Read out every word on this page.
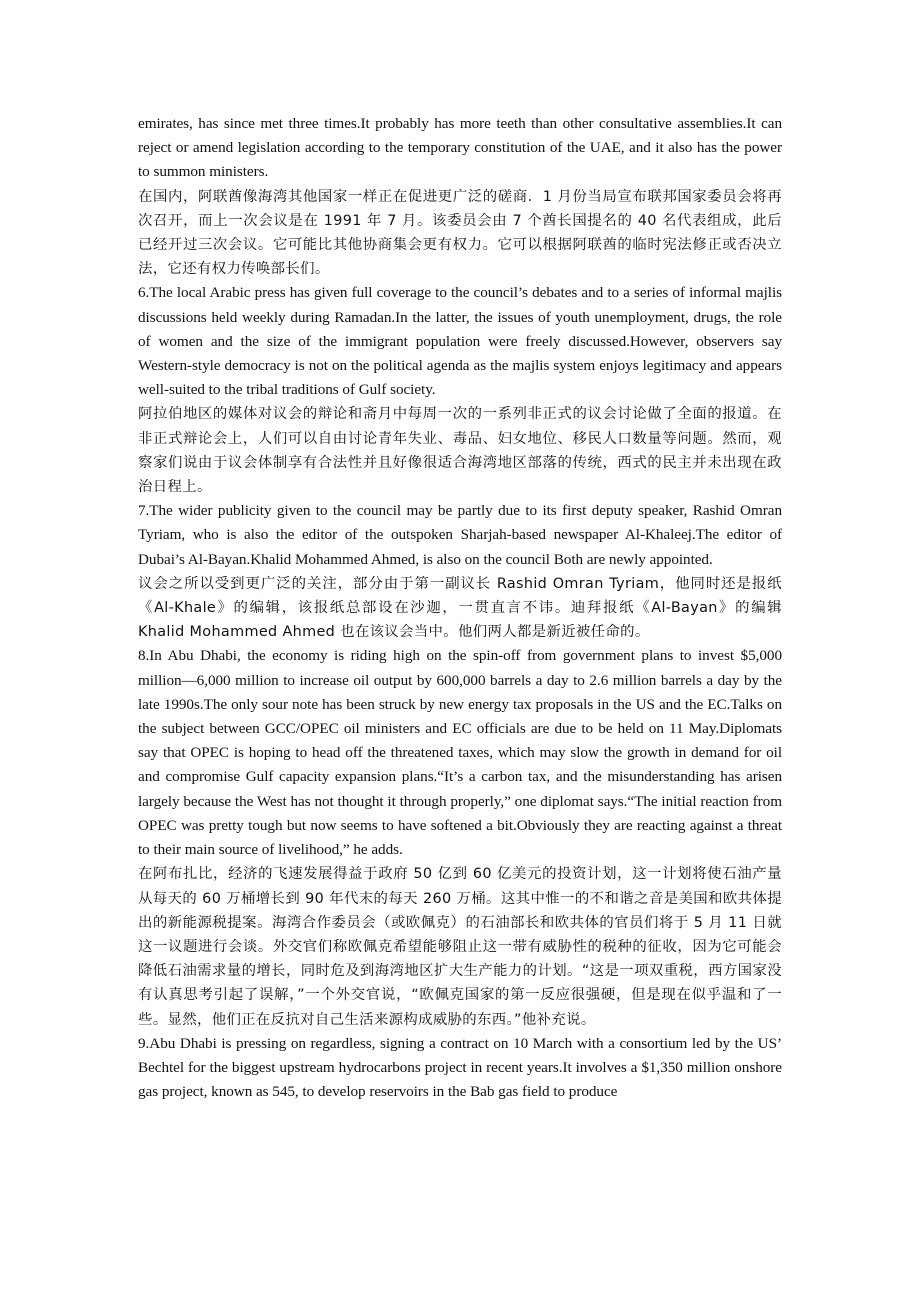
emirates, has since met three times.It probably has more teeth than other consultative assemblies.It can reject or amend legislation according to the temporary constitution of the UAE, and it also has the power to summon ministers.

在国内，阿联酋像海湾其他国家一样正在促进更广泛的磋商．1 月份当局宣布联邦国家委员会将再次召开，而上一次会议是在 1991 年 7 月。该委员会由 7 个酋长国提名的 40 名代表组成，此后已经开过三次会议。它可能比其他协商集会更有权力。它可以根据阿联酋的临时宪法修正或否决立法，它还有权力传唤部长们。

6.The local Arabic press has given full coverage to the council’s debates and to a series of informal majlis discussions held weekly during Ramadan.In the latter, the issues of youth unemployment, drugs, the role of women and the size of the immigrant population were freely discussed.However, observers say Western-style democracy is not on the political agenda as the majlis system enjoys legitimacy and appears well-suited to the tribal traditions of Gulf society.

阿拉伯地区的媒体对议会的辩论和斋月中每周一次的一系列非正式的议会讨论做了全面的报道。在非正式辩论会上，人们可以自由讨论青年失业、毒品、妇女地位、移民人口数量等问题。然而，观察家们说由于议会体制享有合法性并且好像很适合海湾地区部落的传统，西式的民主并未出现在政治日程上。

7.The wider publicity given to the council may be partly due to its first deputy speaker, Rashid Omran Tyriam, who is also the editor of the outspoken Sharjah-based newspaper Al-Khaleej.The editor of Dubai’s Al-Bayan.Khalid Mohammed Ahmed, is also on the council Both are newly appointed.

议会之所以受到更广泛的关注，部分由于第一副议长 Rashid Omran Tyriam，他同时还是报纸《Al-Khale》的编辑，该报纸总部设在沙迦，一贯直言不讳。迪拜报纸《Al-Bayan》的编辑 Khalid Mohammed Ahmed 也在该议会当中。他们两人都是新近被任命的。

8.In Abu Dhabi, the economy is riding high on the spin-off from government plans to invest $5,000 million—6,000 million to increase oil output by 600,000 barrels a day to 2.6 million barrels a day by the late 1990s.The only sour note has been struck by new energy tax proposals in the US and the EC.Talks on the subject between GCC/OPEC oil ministers and EC officials are due to be held on 11 May.Diplomats say that OPEC is hoping to head off the threatened taxes, which may slow the growth in demand for oil and compromise Gulf capacity expansion plans.“It’s a carbon tax, and the misunderstanding has arisen largely because the West has not thought it through properly,” one diplomat says.“The initial reaction from OPEC was pretty tough but now seems to have softened a bit.Obviously they are reacting against a threat to their main source of livelihood,” he adds.

在阿布扎比，经济的飞速发展得益于政府 50 亿到 60 亿美元的投资计划，这一计划将使石油产量从每天的 60 万桶增长到 90 年代末的每天 260 万桶。这其中惟一的不和谐之音是美国和欧共体提出的新能源税提案。海湾合作委员会（或欧佩克）的石油部长和欧共体的官员们将于 5 月 11 日就这一议题进行会谈。外交官们称欧佩克希望能够阻止这一带有威胁性的税种的征收，因为它可能会降低石油需求量的增长，同时危及到海湾地区扩大生产能力的计划。“这是一项双重税，西方国家没有认真思考引起了误解，”一个外交官说，“欧佩克国家的第一反应很强硬，但是现在似乎温和了一些。显然，他们正在反抗对自己生活来源构成威胁的东西。”他补充说。

9.Abu Dhabi is pressing on regardless, signing a contract on 10 March with a consortium led by the US’ Bechtel for the biggest upstream hydrocarbons project in recent years.It involves a $1,350 million onshore gas project, known as 545, to develop reservoirs in the Bab gas field to produce
